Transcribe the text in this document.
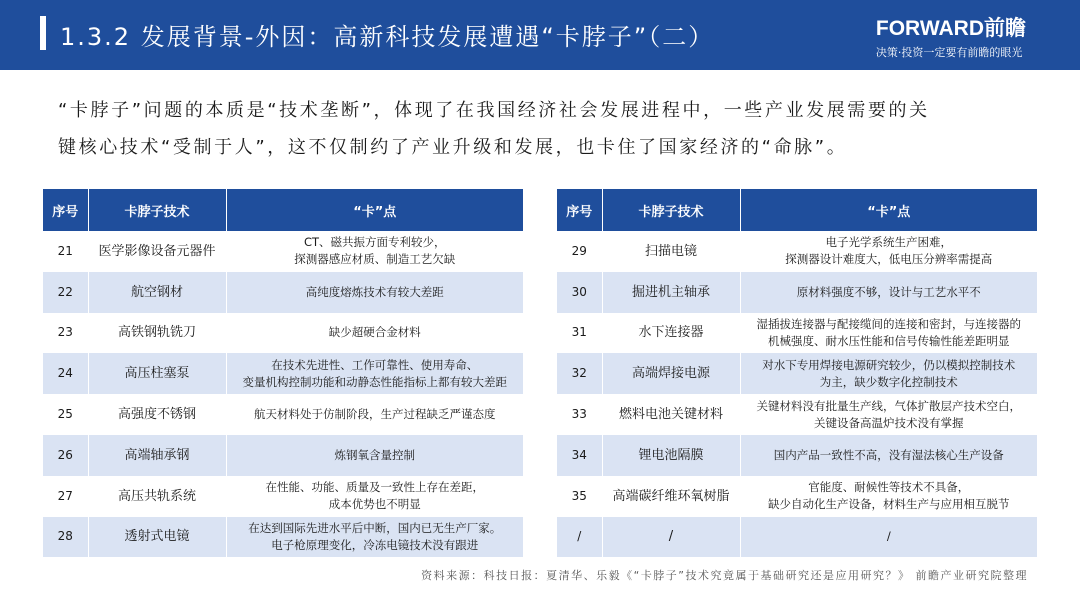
1.3.2 发展背景-外因：高新科技发展遭遇“卡脖子”（二）	FORWARD前瞻
决策·投资一定要有前瞻的眼光
“卡脖子”问题的本质是“技术垄断”，体现了在我国经济社会发展进程中，一些产业发展需要的关
键核心技术“受制于人”，这不仅制约了产业升级和发展，也卡住了国家经济的“命脉”。
序号	卡脖子技术	“卡”点
21	医学影像设备元器件	CT、磁共振方面专利较少，
探测器感应材质、制造工艺欠缺

22	航空钢材	高纯度熔炼技术有较大差距

23	高铁钢轨铣刀	缺少超硬合金材料

24	高压柱塞泵	在技术先进性、工作可靠性、使用寿命、
变量机构控制功能和动静态性能指标上都有较大差距

25	高强度不锈钢	航天材料处于仿制阶段，生产过程缺乏严谨态度

26	高端轴承钢	炼钢氧含量控制

27	高压共轨系统	在性能、功能、质量及一致性上存在差距，
成本优势也不明显

28	透射式电镜	在达到国际先进水平后中断，国内已无生产厂家。
电子枪原理变化，冷冻电镜技术没有跟进
序号	卡脖子技术	“卡”点
29	扫描电镜	电子光学系统生产困难，
探测器设计难度大，低电压分辨率需提高

30	掘进机主轴承	原材料强度不够，设计与工艺水平不

31	水下连接器	湿插拔连接器与配接缆间的连接和密封，与连接器的
机械强度、耐水压性能和信号传输性能差距明显

32	高端焊接电源	对水下专用焊接电源研究较少，仍以模拟控制技术
为主，缺少数字化控制技术

33	燃料电池关键材料	关键材料没有批量生产线，气体扩散层产技术空白，
关键设备高温炉技术没有掌握

34	锂电池隔膜	国内产品一致性不高，没有湿法核心生产设备

35	高端碳纤维环氧树脂	官能度、耐候性等技术不具备，
缺少自动化生产设备，材料生产与应用相互脱节

/	/	/
资料来源：科技日报：夏清华、乐毅《“卡脖子”技术究竟属于基础研究还是应用研究？》 前瞻产业研究院整理
